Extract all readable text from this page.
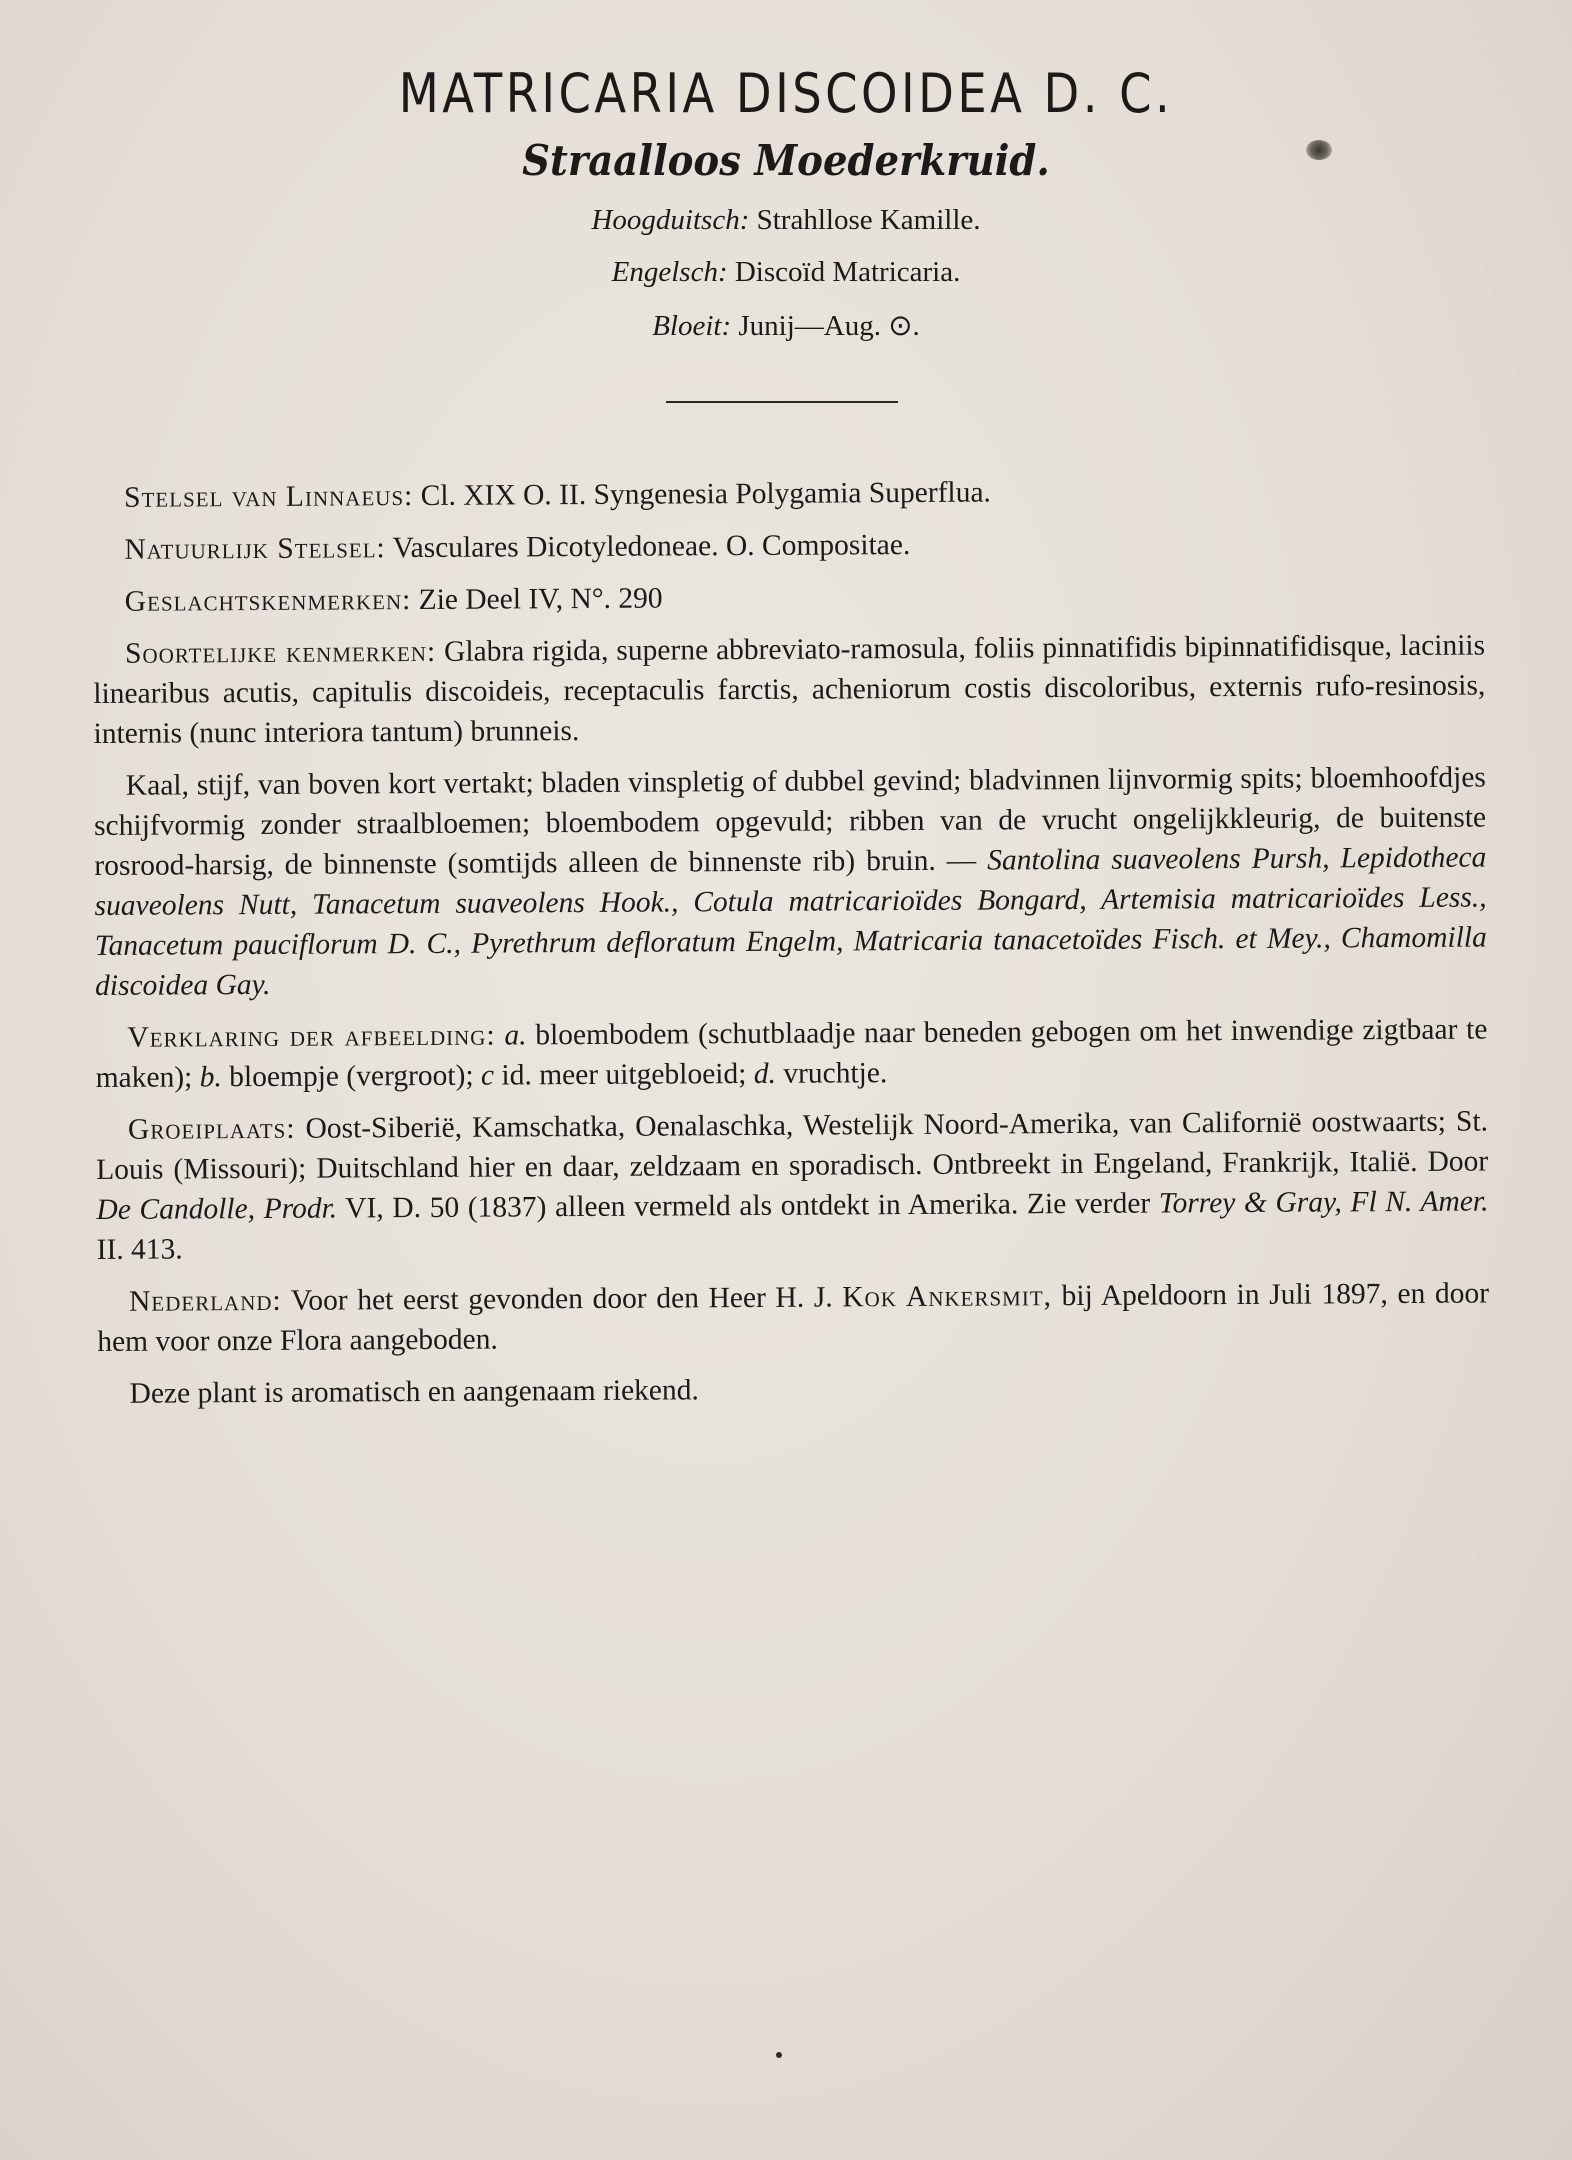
MATRICARIA DISCOIDEA D. C.
Straalloos Moederkruid.
Hoogduitsch: Strahllose Kamille.
Engelsch: Discoïd Matricaria.
Bloeit: Junij—Aug. ⊙.

Stelsel van Linnaeus: Cl. XIX O. II. Syngenesia Polygamia Superflua.

Natuurlijk Stelsel: Vasculares Dicotyledoneae. O. Compositae.

Geslachtskenmerken: Zie Deel IV, N°. 290

Soortelijke kenmerken: Glabra rigida, superne abbreviato-ramosula, foliis pinnatifidis bipinnatifidisque, laciniis linearibus acutis, capitulis discoideis, receptaculis farctis, acheniorum costis discoloribus, externis rufo-resinosis, internis (nunc interiora tantum) brunneis.

Kaal, stijf, van boven kort vertakt; bladen vinspletig of dubbel gevind; bladvinnen lijnvormig spits; bloemhoofdjes schijfvormig zonder straalbloemen; bloembodem opgevuld; ribben van de vrucht ongelijkkleurig, de buitenste rosrood-harsig, de binnenste (somtijds alleen de binnenste rib) bruin. — Santolina suaveolens Pursh, Lepidotheca suaveolens Nutt, Tanacetum suaveolens Hook., Cotula matricarioïdes Bongard, Artemisia matricarioïdes Less., Tanacetum pauciflorum D. C., Pyrethrum defloratum Engelm, Matricaria tanacetoïdes Fisch. et Mey., Chamomilla discoidea Gay.

Verklaring der afbeelding: a. bloembodem (schutblaadje naar beneden gebogen om het inwendige zigtbaar te maken); b. bloempje (vergroot); c id. meer uitgebloeid; d. vruchtje.

Groeiplaats: Oost-Siberië, Kamschatka, Oenalaschka, Westelijk Noord-Amerika, van Californië oostwaarts; St. Louis (Missouri); Duitschland hier en daar, zeldzaam en sporadisch. Ontbreekt in Engeland, Frankrijk, Italië. Door De Candolle, Prodr. VI, D. 50 (1837) alleen vermeld als ontdekt in Amerika. Zie verder Torrey & Gray, Fl N. Amer. II. 413.

Nederland: Voor het eerst gevonden door den Heer H. J. Kok Ankersmit, bij Apeldoorn in Juli 1897, en door hem voor onze Flora aangeboden.

Deze plant is aromatisch en aangenaam riekend.
